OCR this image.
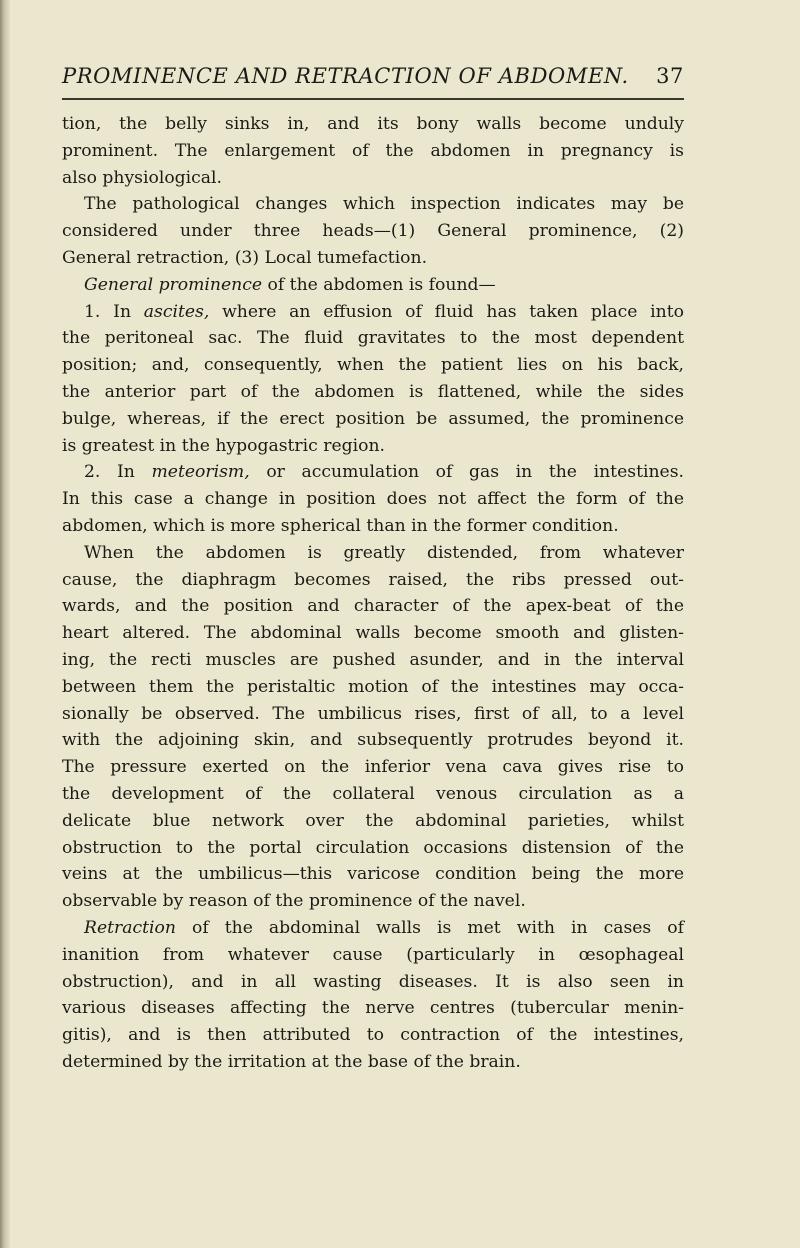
PROMINENCE AND RETRACTION OF ABDOMEN. 37
tion, the belly sinks in, and its bony walls become unduly
prominent. The enlargement of the abdomen in pregnancy is
also physiological.
The pathological changes which inspection indicates may be
considered under three heads—(1) General prominence, (2)
General retraction, (3) Local tumefaction.
General prominence of the abdomen is found—
1. In ascites, where an effusion of fluid has taken place into
the peritoneal sac. The fluid gravitates to the most dependent
position; and, consequently, when the patient lies on his back,
the anterior part of the abdomen is flattened, while the sides
bulge, whereas, if the erect position be assumed, the prominence
is greatest in the hypogastric region.
2. In meteorism, or accumulation of gas in the intestines.
In this case a change in position does not affect the form of the
abdomen, which is more spherical than in the former condition.
When the abdomen is greatly distended, from whatever
cause, the diaphragm becomes raised, the ribs pressed out-
wards, and the position and character of the apex-beat of the
heart altered. The abdominal walls become smooth and glisten-
ing, the recti muscles are pushed asunder, and in the interval
between them the peristaltic motion of the intestines may occa-
sionally be observed. The umbilicus rises, first of all, to a level
with the adjoining skin, and subsequently protrudes beyond it.
The pressure exerted on the inferior vena cava gives rise to
the development of the collateral venous circulation as a
delicate blue network over the abdominal parieties, whilst
obstruction to the portal circulation occasions distension of the
veins at the umbilicus—this varicose condition being the more
observable by reason of the prominence of the navel.
Retraction of the abdominal walls is met with in cases of
inanition from whatever cause (particularly in œsophageal
obstruction), and in all wasting diseases. It is also seen in
various diseases affecting the nerve centres (tubercular menin-
gitis), and is then attributed to contraction of the intestines,
determined by the irritation at the base of the brain.
